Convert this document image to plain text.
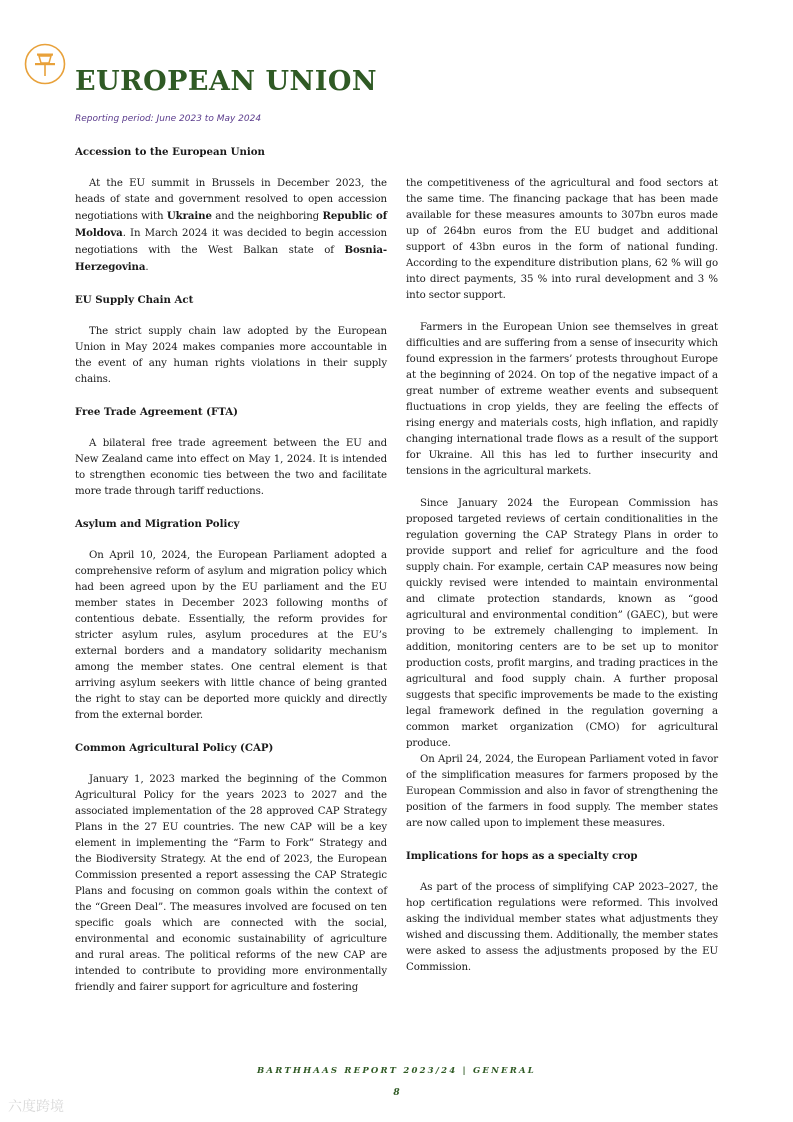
EUROPEAN UNION
Reporting period: June 2023 to May 2024
Accession to the European Union

At the EU summit in Brussels in December 2023, the heads of state and government resolved to open accession negotiations with Ukraine and the neighboring Republic of Moldova. In March 2024 it was decided to begin accession negotiations with the West Balkan state of Bosnia-Herzegovina.

EU Supply Chain Act

The strict supply chain law adopted by the European Union in May 2024 makes companies more accountable in the event of any human rights violations in their supply chains.

Free Trade Agreement (FTA)

A bilateral free trade agreement between the EU and New Zealand came into effect on May 1, 2024. It is intended to strengthen economic ties between the two and facilitate more trade through tariff reductions.

Asylum and Migration Policy

On April 10, 2024, the European Parliament adopted a comprehensive reform of asylum and migration policy which had been agreed upon by the EU parliament and the EU member states in December 2023 following months of contentious debate. Essentially, the reform provides for stricter asylum rules, asylum procedures at the EU’s external borders and a mandatory solidarity mechanism among the member states. One central element is that arriving asylum seekers with little chance of being granted the right to stay can be deported more quickly and directly from the external border.

Common Agricultural Policy (CAP)

January 1, 2023 marked the beginning of the Common Agricultural Policy for the years 2023 to 2027 and the associated implementation of the 28 approved CAP Strategy Plans in the 27 EU countries. The new CAP will be a key element in implementing the “Farm to Fork” Strategy and the Biodiversity Strategy. At the end of 2023, the European Commission presented a report assessing the CAP Strategic Plans and focusing on common goals within the context of the “Green Deal”. The measures involved are focused on ten specific goals which are connected with the social, environmental and economic sustainability of agriculture and rural areas. The political reforms of the new CAP are intended to contribute to providing more environmentally friendly and fairer support for agriculture and fostering

the competitiveness of the agricultural and food sectors at the same time. The financing package that has been made available for these measures amounts to 307bn euros made up of 264bn euros from the EU budget and additional support of 43bn euros in the form of national funding. According to the expenditure distribution plans, 62 % will go into direct payments, 35 % into rural development and 3 % into sector support.

Farmers in the European Union see themselves in great difficulties and are suffering from a sense of insecurity which found expression in the farmers’ protests throughout Europe at the beginning of 2024. On top of the negative impact of a great number of extreme weather events and subsequent fluctuations in crop yields, they are feeling the effects of rising energy and materials costs, high inflation, and rapidly changing international trade flows as a result of the support for Ukraine. All this has led to further insecurity and tensions in the agricultural markets.

Since January 2024 the European Commission has proposed targeted reviews of certain conditionalities in the regulation governing the CAP Strategy Plans in order to provide support and relief for agriculture and the food supply chain. For example, certain CAP measures now being quickly revised were intended to maintain environmental and climate protection standards, known as “good agricultural and environmental condition” (GAEC), but were proving to be extremely challenging to implement. In addition, monitoring centers are to be set up to monitor production costs, profit margins, and trading practices in the agricultural and food supply chain. A further proposal suggests that specific improvements be made to the existing legal framework defined in the regulation governing a common market organization (CMO) for agricultural produce.

On April 24, 2024, the European Parliament voted in favor of the simplification measures for farmers proposed by the European Commission and also in favor of strengthening the position of the farmers in food supply. The member states are now called upon to implement these measures.

Implications for hops as a specialty crop

As part of the process of simplifying CAP 2023–2027, the hop certification regulations were reformed. This involved asking the individual member states what adjustments they wished and discussing them. Additionally, the member states were asked to assess the adjustments proposed by the EU Commission.

BARTHHAAS REPORT 2023/24 | GENERAL
8
六度跨境
